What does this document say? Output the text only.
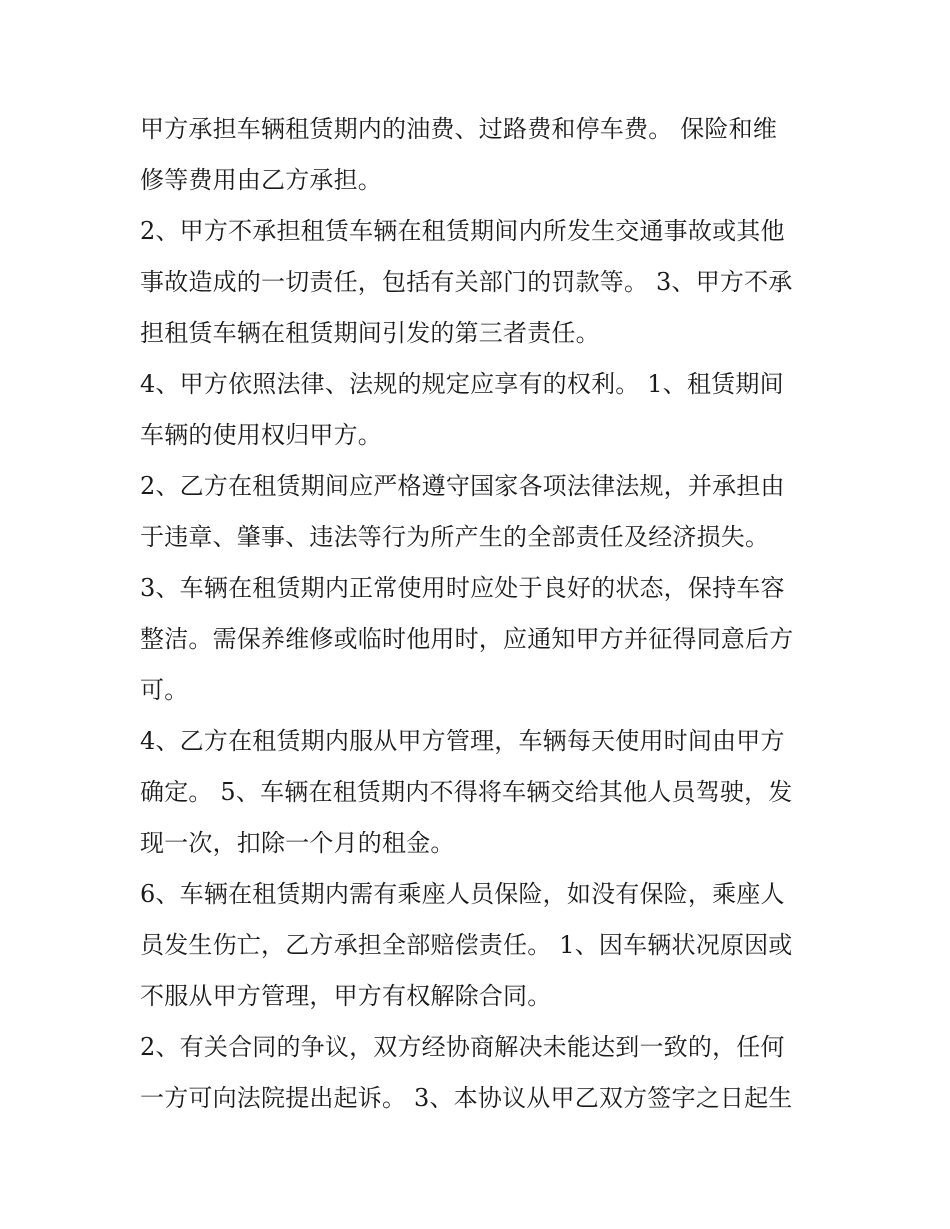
甲方承担车辆租赁期内的油费、过路费和停车费。 保险和维
修等费用由乙方承担。
2、甲方不承担租赁车辆在租赁期间内所发生交通事故或其他
事故造成的一切责任，包括有关部门的罚款等。 3、甲方不承
担租赁车辆在租赁期间引发的第三者责任。
4、甲方依照法律、法规的规定应享有的权利。 1、租赁期间
车辆的使用权归甲方。
2、乙方在租赁期间应严格遵守国家各项法律法规，并承担由
于违章、肇事、违法等行为所产生的全部责任及经济损失。
3、车辆在租赁期内正常使用时应处于良好的状态，保持车容
整洁。需保养维修或临时他用时，应通知甲方并征得同意后方
可。
4、乙方在租赁期内服从甲方管理，车辆每天使用时间由甲方
确定。 5、车辆在租赁期内不得将车辆交给其他人员驾驶，发
现一次，扣除一个月的租金。
6、车辆在租赁期内需有乘座人员保险，如没有保险，乘座人
员发生伤亡，乙方承担全部赔偿责任。 1、因车辆状况原因或
不服从甲方管理，甲方有权解除合同。
2、有关合同的争议，双方经协商解决未能达到一致的，任何
一方可向法院提出起诉。 3、本协议从甲乙双方签字之日起生
